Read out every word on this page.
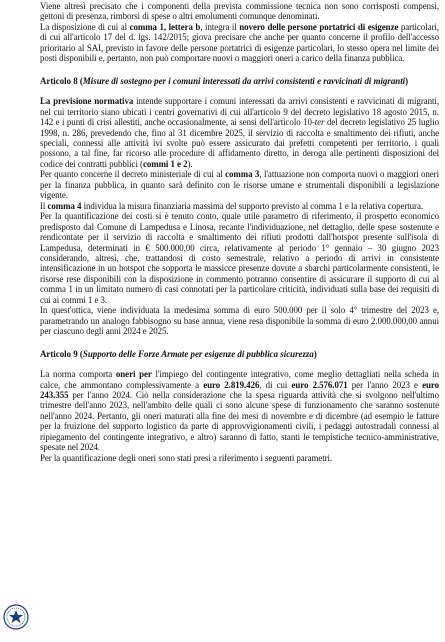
Viene altresì precisato che i componenti della prevista commissione tecnica non sono corrisposti compensi, gettoni di presenza, rimborsi di spese o altri emolumenti comunque denominati.

La disposizione di cui al comma 1, lettera b, integra il novero delle persone portatrici di esigenze particolari, di cui all'articolo 17 del d. lgs. 142/2015; giova precisare che anche per quanto concerne il profilo dell'accesso prioritario al SAI, previsto in favore delle persone portatrici di esigenze particolari, lo stesso opera nel limite dei posti disponibili e, pertanto, non può comportare nuovi o maggiori oneri a carico della finanza pubblica.

Articolo 8 (Misure di sostegno per i comuni interessati da arrivi consistenti e ravvicinati di migranti)

La previsione normativa intende supportare i comuni interessati da arrivi consistenti e ravvicinati di migranti, nel cui territorio siano ubicati i centri governativi di cui all'articolo 9 del decreto legislativo 18 agosto 2015, n. 142 e i punti di crisi allestiti, anche occasionalmente, ai sensi dell'articolo 10-ter del decreto legislativo 25 luglio 1998, n. 286, prevedendo che, fino al 31 dicembre 2025, il servizio di raccolta e smaltimento dei rifiuti, anche speciali, connessi alle attività ivi svolte può essere assicurato dai prefetti competenti per territorio, i quali possono, a tal fine, far ricorso alle procedure di affidamento diretto, in deroga alle pertinenti disposizioni del codice dei contratti pubblici (commi 1 e 2).

Per quanto concerne il decreto ministeriale di cui al comma 3, l'attuazione non comporta nuovi o maggiori oneri per la finanza pubblica, in quanto sarà definito con le risorse umane e strumentali disponibili a legislazione vigente.

Il comma 4 individua la misura finanziaria massima del supporto previsto al comma 1 e la relativa copertura.

Per la quantificazione dei costi si è tenuto conto, quale utile parametro di riferimento, il prospetto economico predisposto dal Comune di Lampedusa e Linosa, recante l'individuazione, nel dettaglio, delle spese sostenute e rendicontate per il servizio di raccolta e smaltimento dei rifiuti prodotti dall'hotspot presente sull'isola di Lampedusa, determinati in € 500.000,00 circa, relativamente al periodo 1° gennaio – 30 giugno 2023 considerando, altresì, che, trattandosi di costo semestrale, relativo a periodo di arrivi in consistente intensificazione in un hotspot che sopporta le massicce presenze dovute a sbarchi particolarmente consistenti, le risorse rese disponibili con la disposizione in commento potranno consentire di assicurare il supporto di cui al comma 1 in un limitato numero di casi connotati per la particolare criticità, individuati sulla base dei requisiti di cui ai commi 1 e 3.

In quest'ottica, viene individuata la medesima somma di euro 500.000 per il solo 4° trimestre del 2023 e, parametrando un analogo fabbisogno su base annua, viene resa disponibile la somma di euro 2.000.000,00 annui per ciascuno degli anni 2024 e 2025.

Articolo 9 (Supporto delle Forze Armate per esigenze di pubblica sicurezza)

La norma comporta oneri per l'impiego del contingente integrativo, come meglio dettagliati nella scheda in calce, che ammontano complessivamente a euro 2.819.426, di cui euro 2.576.071 per l'anno 2023 e euro 243.355 per l'anno 2024. Ciò nella considerazione che la spesa riguarda attività che si svolgono nell'ultimo trimestre dell'anno 2023, nell'ambito delle quali ci sono alcune spese di funzionamento che saranno sostenute nell'anno 2024. Pertanto, gli oneri maturati alla fine dei mesi di novembre e di dicembre (ad esempio le fatture per la fruizione del supporto logistico da parte di approvvigionamenti civili, i pedaggi autostradali connessi al ripiegamento del contingente integrativo, e altro) saranno di fatto, stanti le tempistiche tecnico-amministrative, spesate nel 2024.

Per la quantificazione degli oneri sono stati presi a riferimento i seguenti parametri.
